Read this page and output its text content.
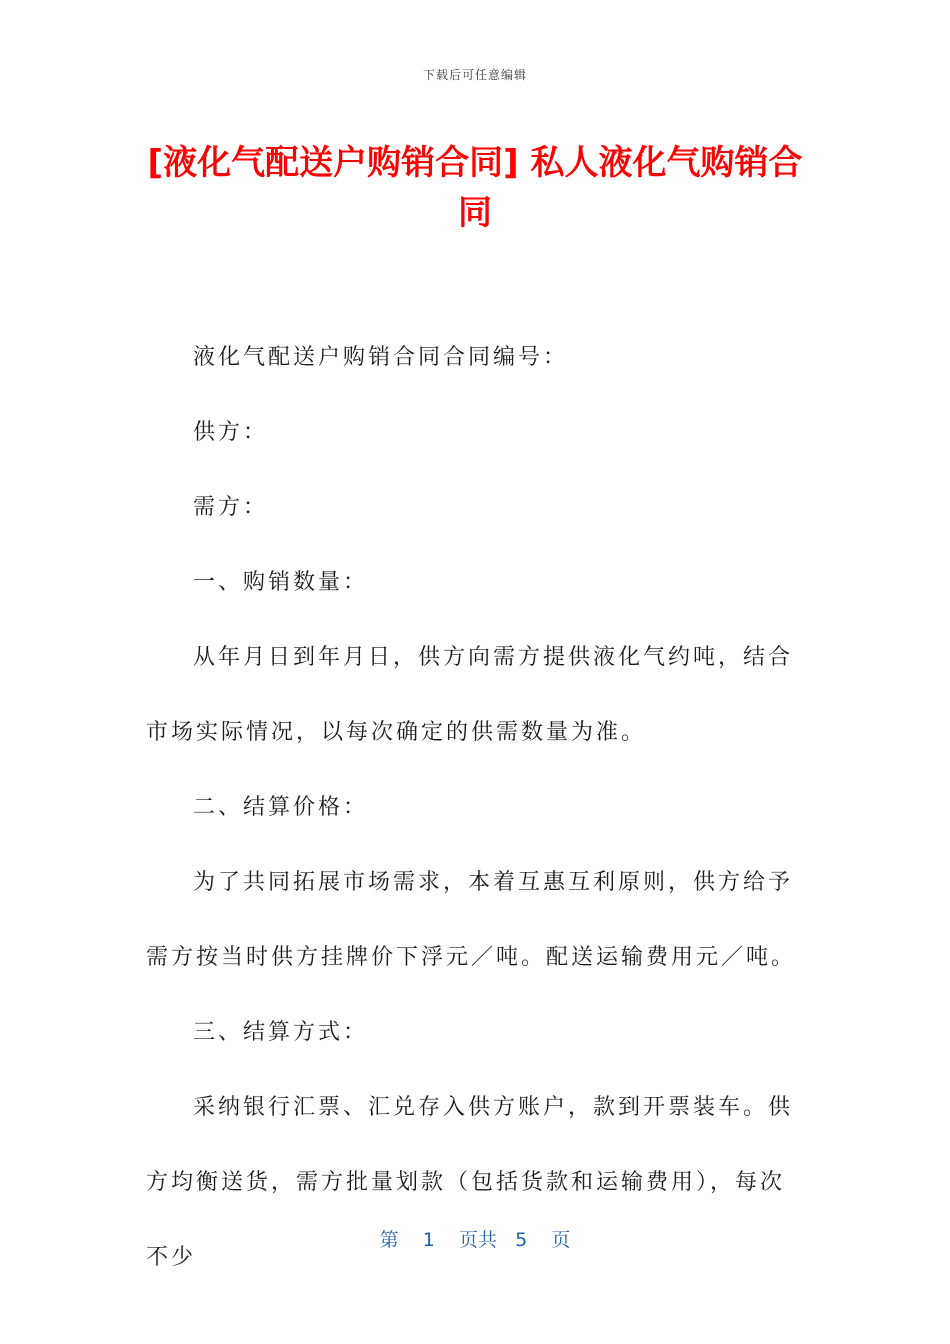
下载后可任意编辑
[液化气配送户购销合同] 私人液化气购销合同

液化气配送户购销合同合同编号：

供方：

需方：

一、购销数量：

从年月日到年月日，供方向需方提供液化气约吨，结合市场实际情况，以每次确定的供需数量为准。

二、结算价格：

为了共同拓展市场需求，本着互惠互利原则，供方给予需方按当时供方挂牌价下浮元／吨。配送运输费用元／吨。

三、结算方式：

采纳银行汇票、汇兑存入供方账户，款到开票装车。供方均衡送货，需方批量划款（包括货款和运输费用），每次不少

第 1 页共 5 页
